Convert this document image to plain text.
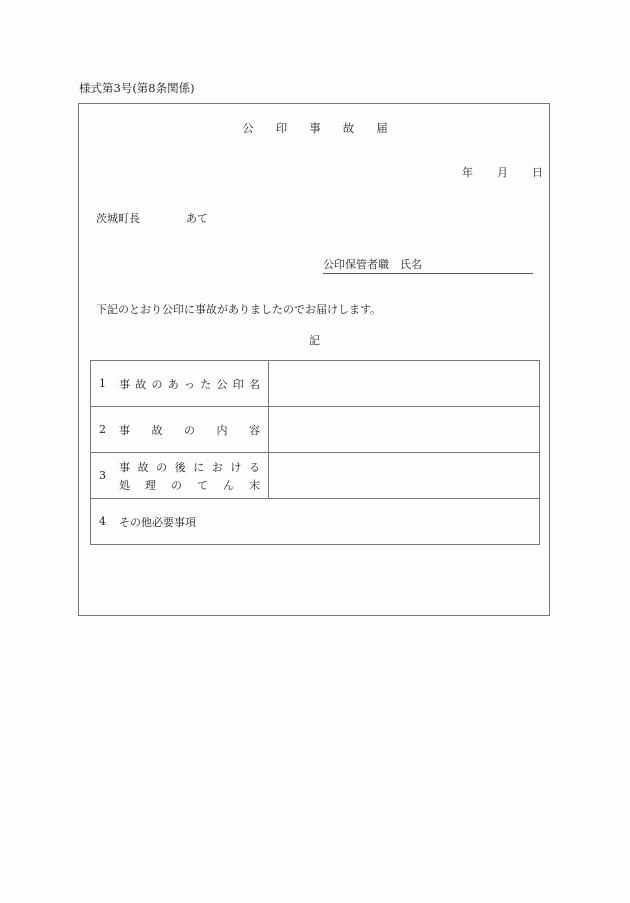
様式第3号(第8条関係)
公 印 事 故 届
年 月 日
茨城町長	あて
公印保管者職　氏名
下記のとおり公印に事故がありましたのでお届けします。
記
1	事 故 の あ っ た 公 印 名

2	事 故 の 内 容

3
事 故 の 後 に お け る
処 理 の て ん 末

4 その他必要事項	
